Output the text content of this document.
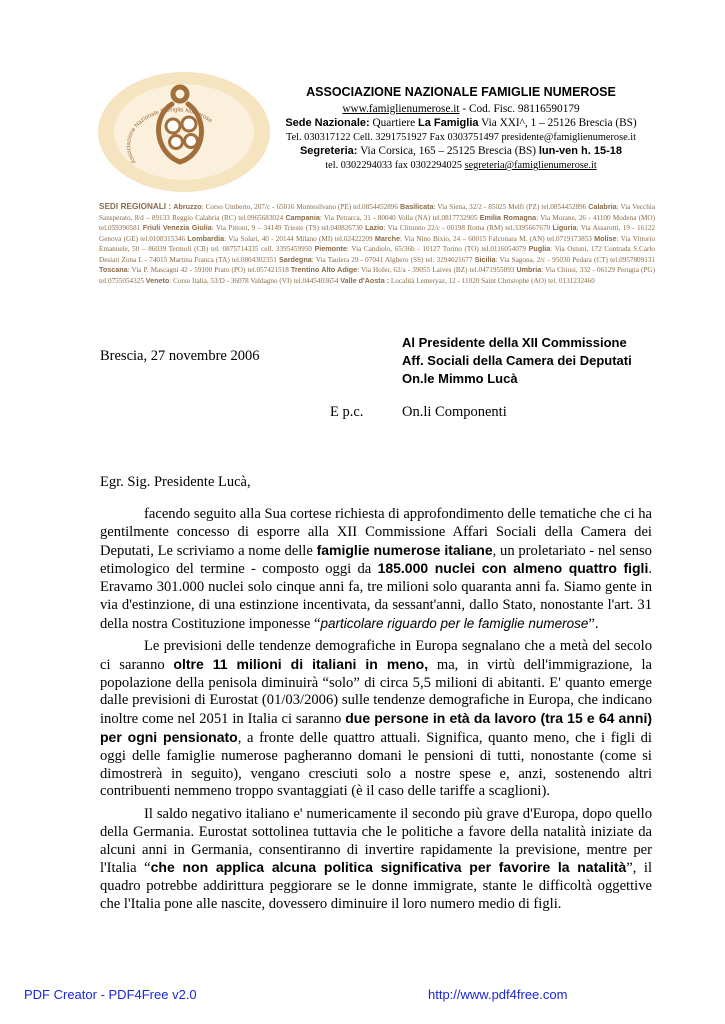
Associazione Nazionale Famiglie Numerose
ASSOCIAZIONE NAZIONALE FAMIGLIE NUMEROSE
www.famiglienumerose.it - Cod. Fisc. 98116590179
Sede Nazionale: Quartiere La Famiglia Via XXI^, 1 – 25126 Brescia (BS)
Tel. 030317122 Cell. 3291751927 Fax 0303751497 presidente@famiglienumerose.it
Segreteria: Via Corsica, 165 – 25125 Brescia (BS) lun-ven h. 15-18
tel. 0302294033 fax 0302294025 segreteria@famiglienumerose.it
SEDI REGIONALI : Abruzzo: Corso Umberto, 207/c - 65016 Montesilvano (PE) tel.0854452896 Basilicata: Via Siena, 32/2 - 85025 Melfi (PZ) tel.0854452896 Calabria: Via Vecchia Sansperato, 8/d – 89133 Reggio Calabria (RC) tel.0965683024 Campania: Via Petrarca, 31 - 80040 Volla (NA) tel.0817732905 Emilia Romagna: Via Morane, 26 - 41100 Modena (MO) tel.059390581 Friuli Venezia Giulia: Via Pittoni, 9 – 34149 Trieste (TS) tel.040826730 Lazio: Via Clitunno 22/c - 00198 Roma (RM) tel.3395667670 Liguria: Via Assarotti, 19 - 16122 Genova (GE) tel.0108315346 Lombardia: Via Solari, 40 - 20144 Milano (MI) tel.02422209 Marche: Via Nino Bixio, 24 – 60015 Falconara M. (AN) tel.0719173853 Molise: Via Vittorio Emanuele, 50 – 86039 Termoli (CB) tel. 0875714335 cell. 3395459950 Piemonte: Via Candiolo, 65/36b - 10127 Torino (TO) tel.0116054079 Puglia: Via Ostuni, 172 Contrada S.Carlo Desiati Zona L - 74015 Martina Franca (TA) tel.0804302351 Sardegna: Via Taulera 29 - 07041 Alghero (SS) tel. 3294021677 Sicilia: Via Sagona, 2/c - 95030 Pedara (CT) tel.0957809131 Toscana: Via P. Mascagni 42 - 59100 Prato (PO) tel.057421518 Trentino Alto Adige: Via Hofer, 62/a - 39055 Laives (BZ) tel.0471955093 Umbria: Via Chiusi, 332 - 06129 Perugia (PG) tel.0755054325 Veneto: Corso Italia, 53/D - 36078 Valdagno (VI) tel.0445403654 Valle d'Aosta : Località Lemeryaz, 12 - 11020 Saint Christophe (AO) tel. 0131232460
Brescia, 27 novembre 2006
Al Presidente della XII Commissione
Aff. Sociali della Camera dei Deputati
On.le Mimmo Lucà
E p.c.	On.li Componenti
Egr. Sig. Presidente Lucà,
facendo seguito alla Sua cortese richiesta di approfondimento delle tematiche che ci ha gentilmente concesso di esporre alla XII Commissione Affari Sociali della Camera dei Deputati, Le scriviamo a nome delle famiglie numerose italiane, un proletariato - nel senso etimologico del termine - composto oggi da 185.000 nuclei con almeno quattro figli. Eravamo 301.000 nuclei solo cinque anni fa, tre milioni solo quaranta anni fa. Siamo gente in via d'estinzione, di una estinzione incentivata, da sessant'anni, dallo Stato, nonostante l'art. 31 della nostra Costituzione imponesse “particolare riguardo per le famiglie numerose”.
Le previsioni delle tendenze demografiche in Europa segnalano che a metà del secolo ci saranno oltre 11 milioni di italiani in meno, ma, in virtù dell'immigrazione, la popolazione della penisola diminuirà “solo” di circa 5,5 milioni di abitanti. E' quanto emerge dalle previsioni di Eurostat (01/03/2006) sulle tendenze demografiche in Europa, che indicano inoltre come nel 2051 in Italia ci saranno due persone in età da lavoro (tra 15 e 64 anni) per ogni pensionato, a fronte delle quattro attuali. Significa, quanto meno, che i figli di oggi delle famiglie numerose pagheranno domani le pensioni di tutti, nonostante (come si dimostrerà in seguito), vengano cresciuti solo a nostre spese e, anzi, sostenendo altri contribuenti nemmeno troppo svantaggiati (è il caso delle tariffe a scaglioni).
Il saldo negativo italiano e' numericamente il secondo più grave d'Europa, dopo quello della Germania. Eurostat sottolinea tuttavia che le politiche a favore della natalità iniziate da alcuni anni in Germania, consentiranno di invertire rapidamente la previsione, mentre per l'Italia “che non applica alcuna politica significativa per favorire la natalità”, il quadro potrebbe addirittura peggiorare se le donne immigrate, stante le difficoltà oggettive che l'Italia pone alle nascite, dovessero diminuire il loro numero medio di figli.
PDF Creator - PDF4Free v2.0	http://www.pdf4free.com
